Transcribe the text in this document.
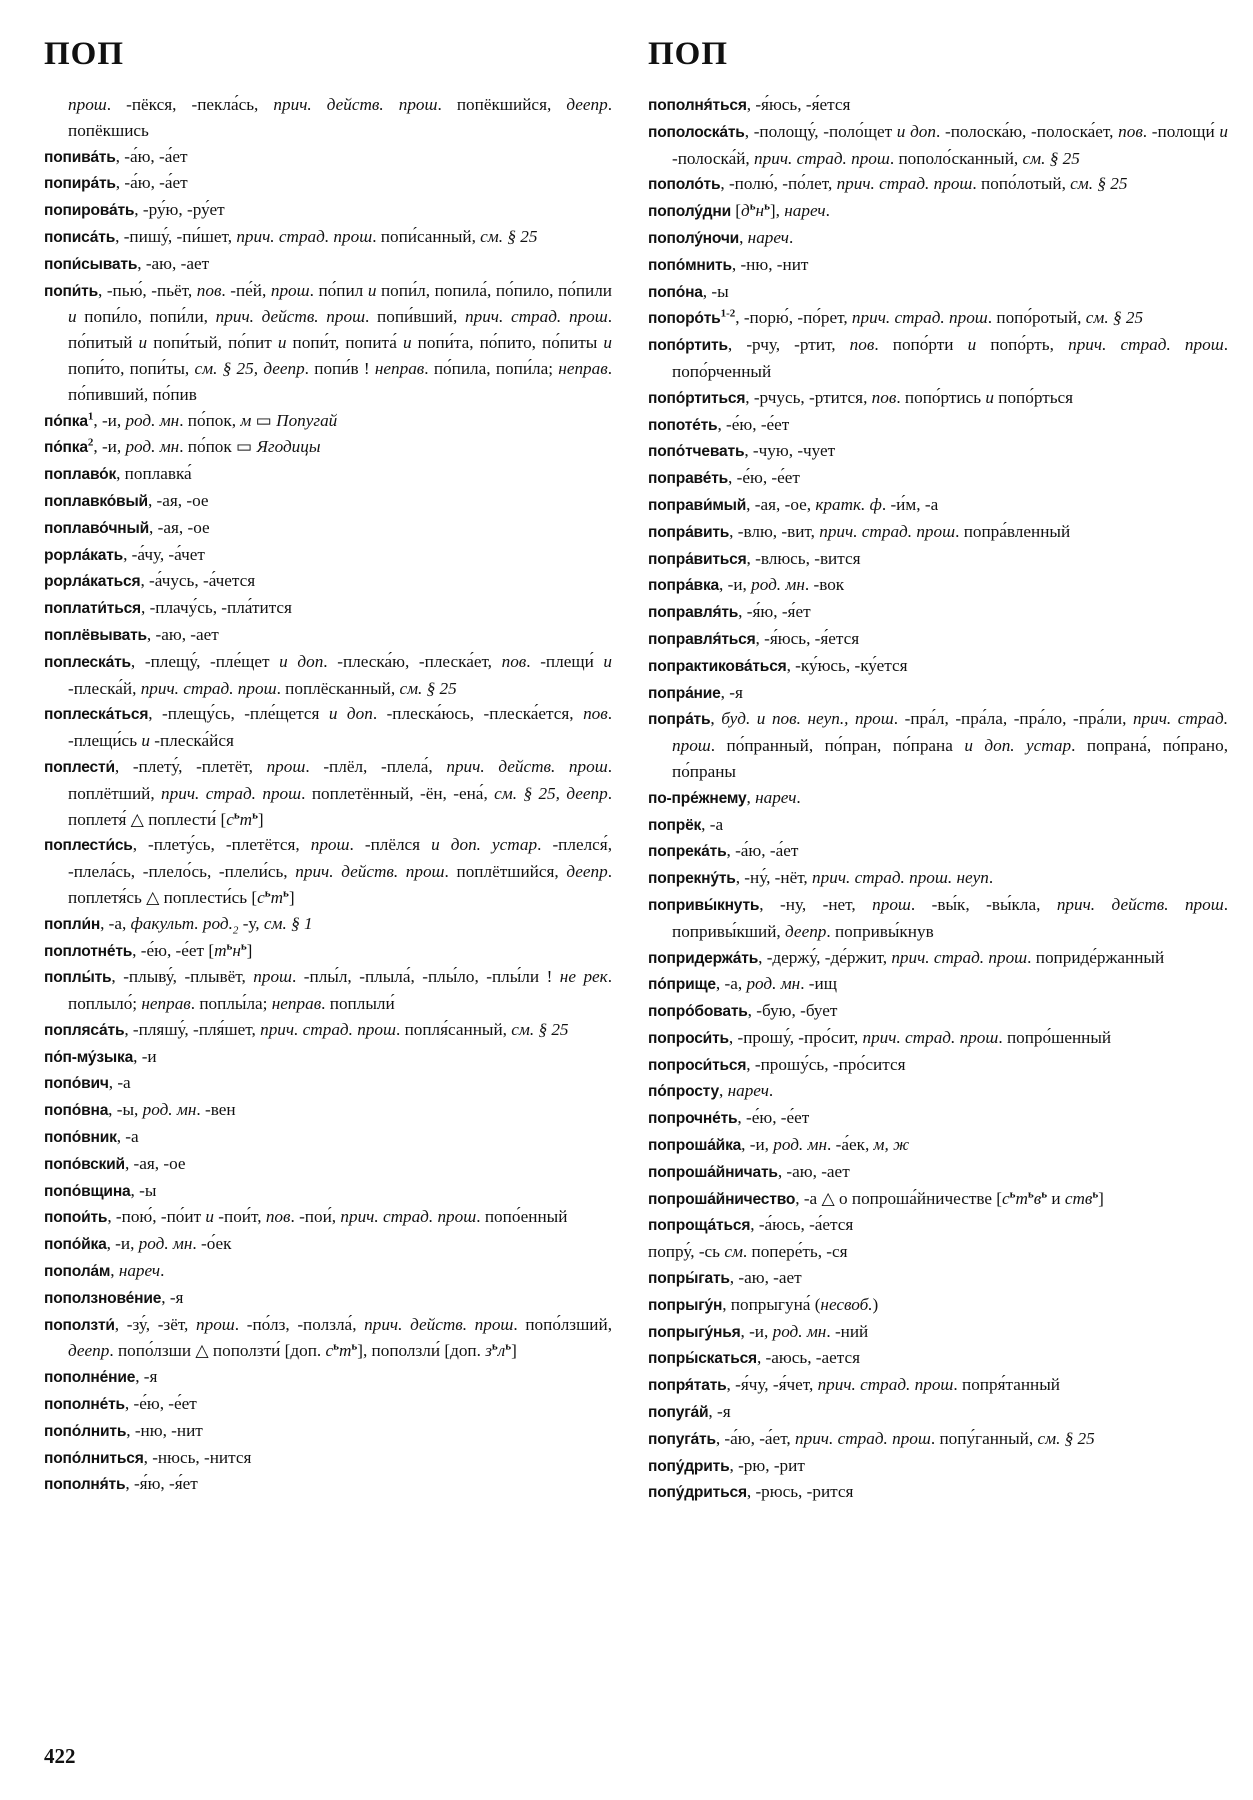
ПОП	ПОП

прош. -пёкся, -пекла́сь, прич. действ. прош. попёкшийся, деепр. попёкшись

попива́ть, -а́ю, -а́ет

попира́ть, -а́ю, -а́ет

попирова́ть, -ру́ю, -ру́ет

пописа́ть, -пишу́, -пи́шет, прич. страд. прош. попи́санный, см. § 25

попи́сывать, -аю, -ает

попи́ть, -пью́, -пьёт, пов. -пе́й, прош. по́пил и попи́л, попила́, по́пило, по́пили и попи́ло, попи́ли, прич. действ. прош. попи́вший, прич. страд. прош. по́питый и попи́тый, по́пит и попи́т, попита́ и попи́та, по́пито, по́питы и попи́то, попи́ты, см. § 25, деепр. попи́в ! неправ. по́пила, попи́ла; неправ. по́пивший, по́пив

по́пка$^1$, -и, род. мн. по́пок, м ▭ Попугай

по́пка$^2$, -и, род. мн. по́пок ▭ Ягодицы

поплаво́к, поплавка́

поплавко́вый, -ая, -ое

поплаво́чный, -ая, -ое

popла́кать, -а́чу, -а́чет

popла́каться, -а́чусь, -а́чется

поплати́ться, -плачу́сь, -пла́тится

поплёвывать, -аю, -ает

поплеска́ть, -плещу́, -пле́щет и доп. -плеска́ю, -плеска́ет, пов. -плещи́ и -плеска́й, прич. страд. прош. поплёсканный, см. § 25

поплеска́ться, -плещу́сь, -пле́щется и доп. -плеска́юсь, -плеска́ется, пов. -плещи́сь и -плеска́йся

поплести́, -плету́, -плетёт, прош. -плёл, -плела́, прич. действ. прош. поплётший, прич. страд. прош. поплетённый, -ён, -ена́, см. § 25, деепр. поплетя́ △ поплести́ $[с^ьт^ь]$

поплести́сь, -плету́сь, -плетётся, прош. -плёлся и доп. устар. -плелся́, -плела́сь, -плело́сь, -плели́сь, прич. действ. прош. поплётшийся, деепр. поплетя́сь △ поплести́сь $[с^ьт^ь]$

попли́н, -а, факульт. $род._2$ -у, см. § 1

поплотне́ть, -е́ю, -е́ет $[т^ьн^ь]$

поплы́ть, -плыву́, -плывёт, прош. -плы́л, -плыла́, -плы́ло, -плы́ли ! не рек. поплыло́; неправ. поплы́ла; неправ. поплыли́

попляса́ть, -пляшу́, -пля́шет, прич. страд. прош. попля́санный, см. § 25

по́п-му́зыка, -и

попо́вич, -а

попо́вна, -ы, род. мн. -вен

попо́вник, -а

попо́вский, -ая, -ое

попо́вщина, -ы

попои́ть, -пою́, -по́ит и -пои́т, пов. -пои́, прич. страд. прош. попо́енный

попо́йка, -и, род. мн. -о́ек

попола́м, нареч.

поползнове́ние, -я

поползти́, -зу́, -зёт, прош. -по́лз, -ползла́, прич. действ. прош. попо́лзший, деепр. попо́лзши △ поползти́ [доп. $с^ьт^ь$], поползли́ [доп. $з^ьл^ь$]

пополне́ние, -я

пополне́ть, -е́ю, -е́ет

попо́лнить, -ню, -нит

попо́лниться, -нюсь, -нится

пополня́ть, -я́ю, -я́ет

пополня́ться, -я́юсь, -я́ется

пополоска́ть, -полощу́, -поло́щет и доп. -полоска́ю, -полоска́ет, пов. -полощи́ и -полоска́й, прич. страд. прош. пополо́сканный, см. § 25

пополо́ть, -полю́, -по́лет, прич. страд. прош. попо́лотый, см. § 25

пополу́дни $[д^ьн^ь]$, нареч.

пополу́ночи, нареч.

попо́мнить, -ню, -нит

попо́на, -ы

$попоро́ть^{1-2}$, -порю́, -по́рет, прич. страд. прош. попо́ротый, см. § 25

попо́ртить, -рчу, -ртит, пов. попо́рти и попо́рть, прич. страд. прош. попо́рченный

попо́ртиться, -рчусь, -ртится, пов. попо́ртись и попо́рться

попоте́ть, -е́ю, -е́ет

попо́тчевать, -чую, -чует

поправе́ть, -е́ю, -е́ет

поправи́мый, -ая, -ое, кратк. ф. -и́м, -а

попра́вить, -влю, -вит, прич. страд. прош. попра́вленный

попра́виться, -влюсь, -вится

попра́вка, -и, род. мн. -вок

поправля́ть, -я́ю, -я́ет

поправля́ться, -я́юсь, -я́ется

попрактикова́ться, -ку́юсь, -ку́ется

попра́ние, -я

попра́ть, буд. и пов. неуп., прош. -пра́л, -пра́ла, -пра́ло, -пра́ли, прич. страд. прош. по́пранный, по́пран, по́прана и доп. устар. попрана́, по́прано, по́праны

по-пре́жнему, нареч.

попрёк, -а

попрека́ть, -а́ю, -а́ет

попрекну́ть, -ну́, -нёт, прич. страд. прош. неуп.

попривы́кнуть, -ну, -нет, прош. -вы́к, -вы́кла, прич. действ. прош. попривы́кший, деепр. попривы́кнув

попридержа́ть, -держу́, -де́ржит, прич. страд. прош. поприде́ржанный

по́прище, -а, род. мн. -ищ

попро́бовать, -бую, -бует

попроси́ть, -прошу́, -про́сит, прич. страд. прош. попро́шенный

попроси́ться, -прошу́сь, -про́сится

по́просту, нареч.

попрочне́ть, -е́ю, -е́ет

попроша́йка, -и, род. мн. -а́ек, м, ж

попроша́йничать, -аю, -ает

попроша́йничество, -а △ о попроша́йничестве [$с^ьт^ьв^ь$ и ств$^ь$]

попроща́ться, -а́юсь, -а́ется

попру́, -сь см. попере́ть, -ся

попры́гать, -аю, -ает

попрыгу́н, попрыгуна́ (несвоб.)

попрыгу́нья, -и, род. мн. -ний

попры́скаться, -аюсь, -ается

попря́тать, -я́чу, -я́чет, прич. страд. прош. попря́танный

попуга́й, -я

попуга́ть, -а́ю, -а́ет, прич. страд. прош. попу́ганный, см. § 25

попу́дрить, -рю, -рит

попу́дриться, -рюсь, -рится

422
